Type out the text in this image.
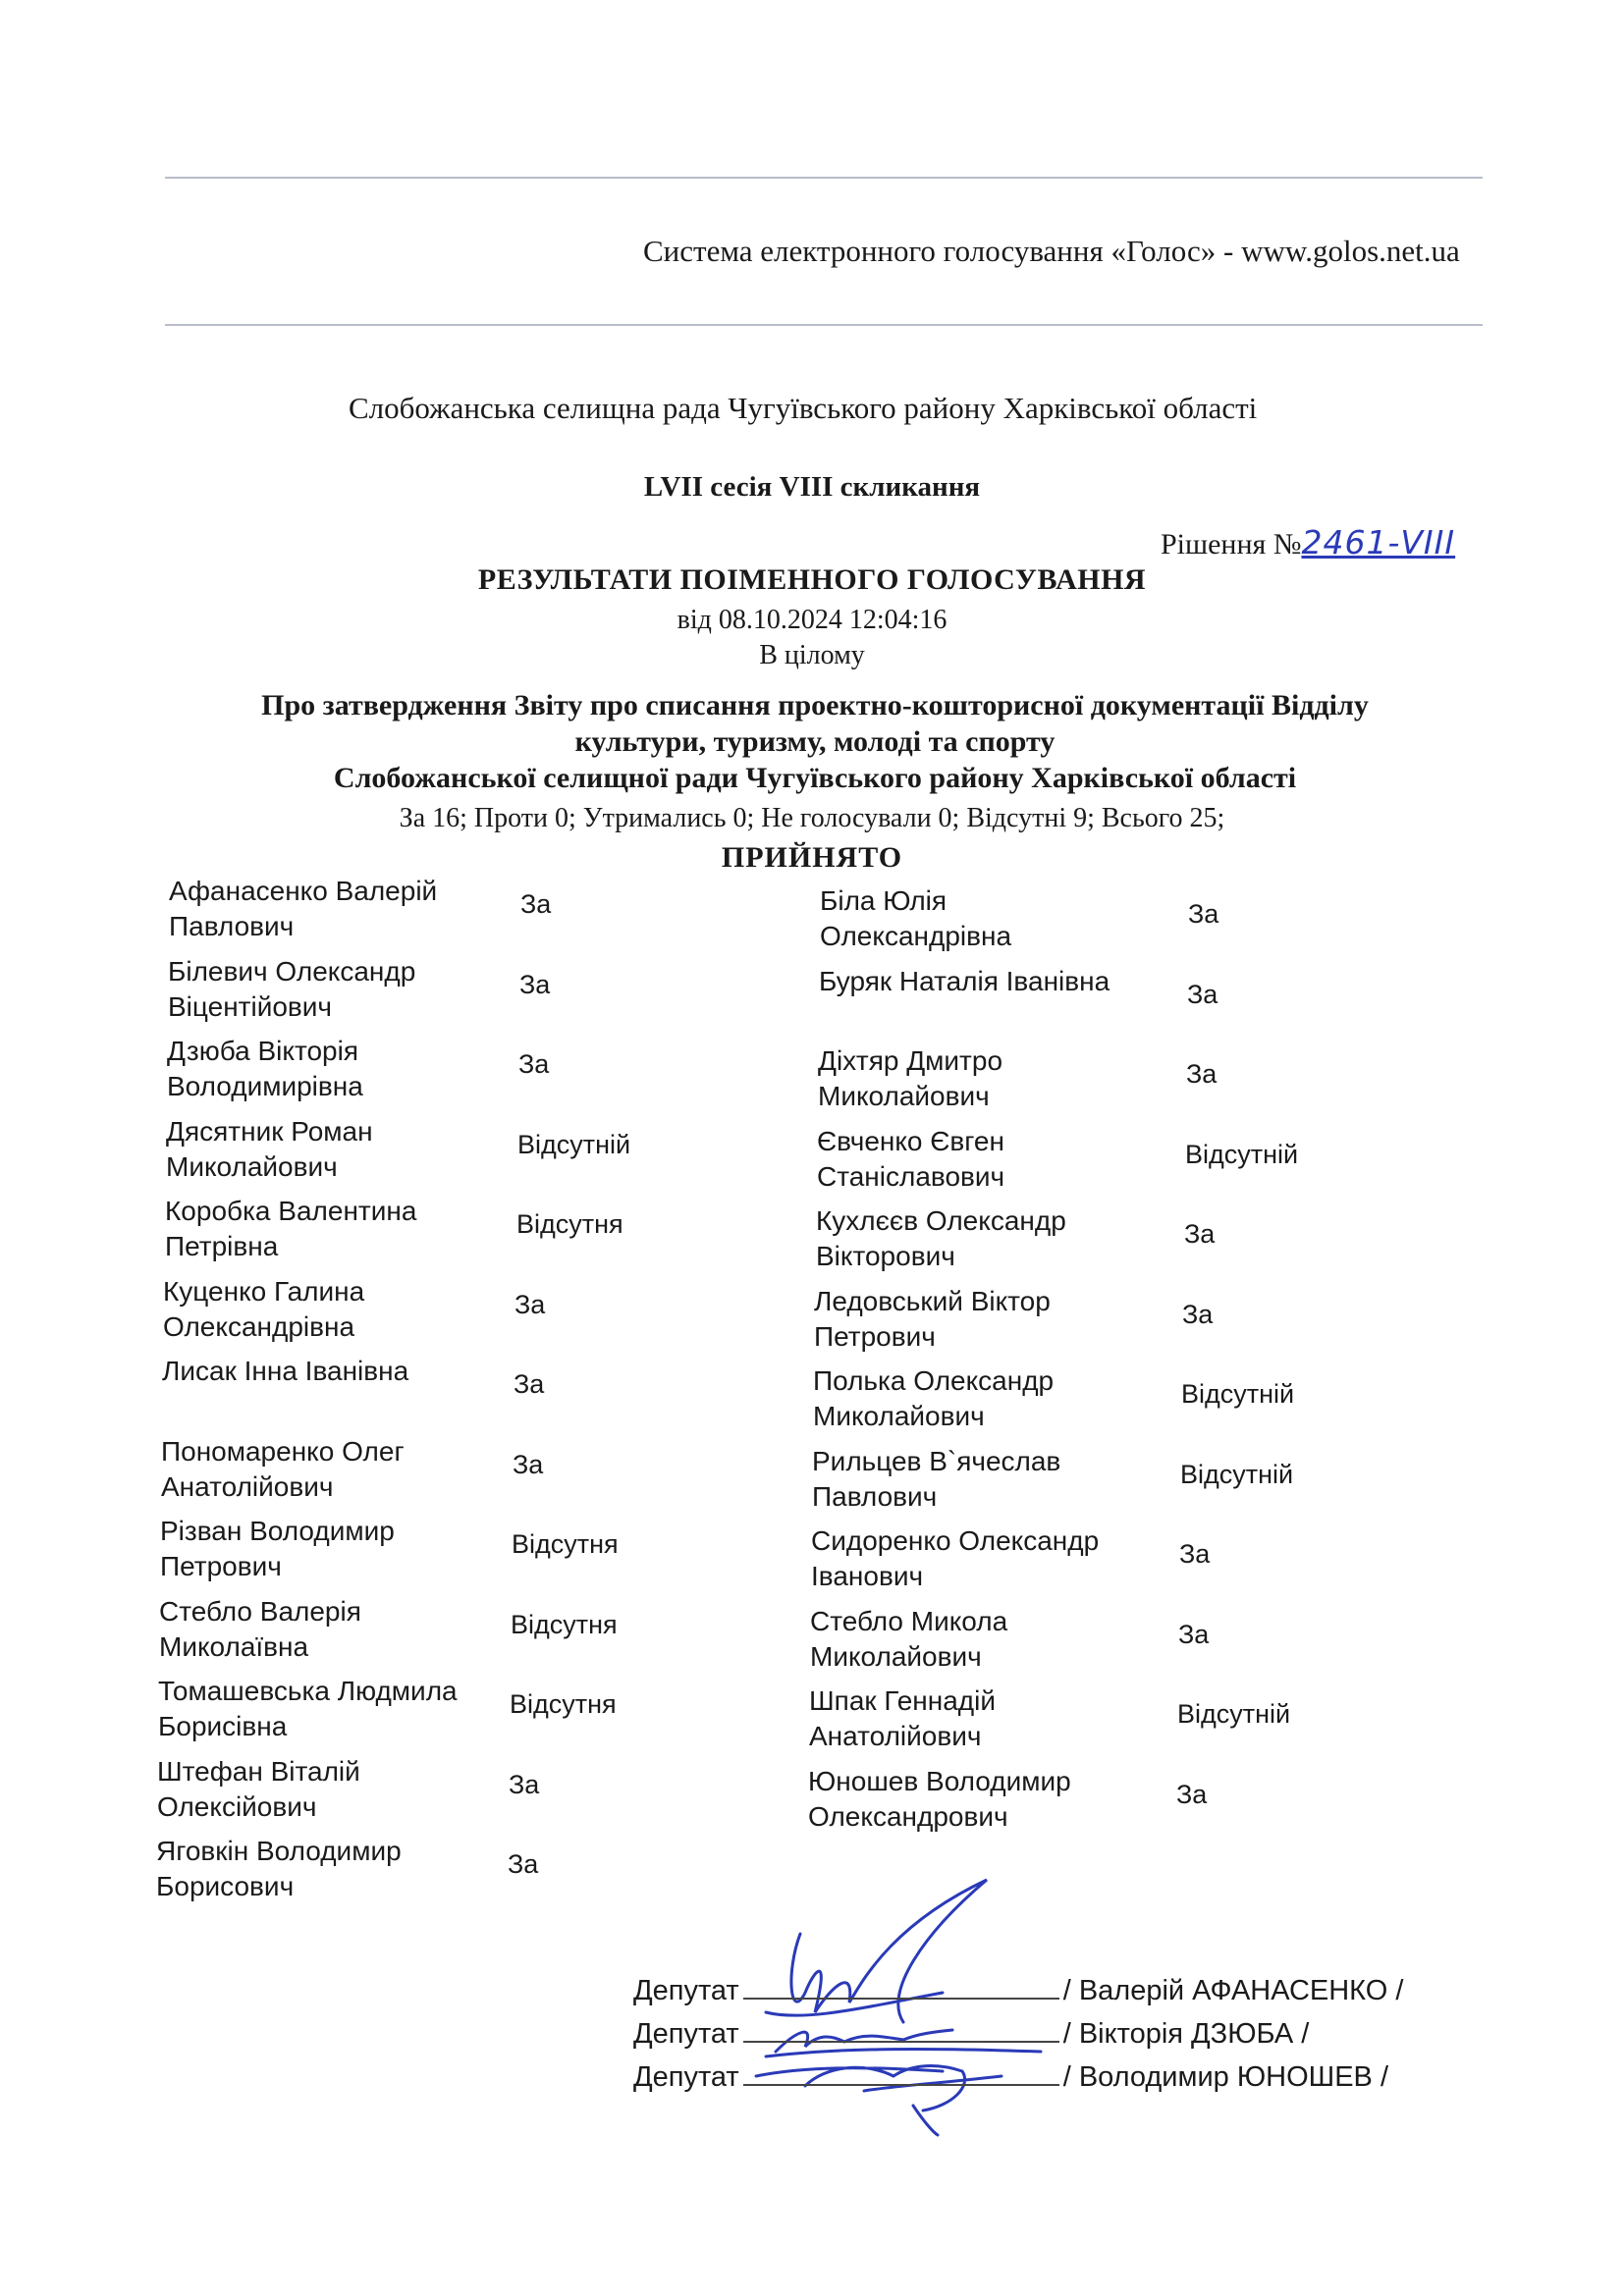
Система електронного голосування «Голос» - www.golos.net.ua
Слобожанська селищна рада Чугуївського району Харківської області
LVII сесія VIII скликання
Рішення №2461-VIII
РЕЗУЛЬТАТИ ПОІМЕННОГО ГОЛОСУВАННЯ
від 08.10.2024 12:04:16
В цілому
Про затвердження Звіту про списання проектно-кошторисної документації Відділу
культури, туризму, молоді та спорту
Слобожанської селищної ради Чугуївського району Харківської області
За 16; Проти 0; Утримались 0; Не голосували 0; Відсутні 9; Всього 25;
ПРИЙНЯТО
Афанасенко Валерій Павлович
За
Білевич Олександр Віцентійович
За
Дзюба Вікторія Володимирівна
За
Дясятник Роман Миколайович
Відсутній
Коробка Валентина Петрівна
Відсутня
Куценко Галина Олександрівна
За
Лисак Інна Іванівна	За
Пономаренко Олег Анатолійович
За
Різван Володимир Петрович
Відсутня
Стебло Валерія Миколаївна
Відсутня
Томашевська Людмила Борисівна
Відсутня
Штефан Віталій Олексійович
За
Яговкін Володимир Борисович
За
Біла Юлія Олександрівна
За
Буряк Наталія Іванівна	За
Діхтяр Дмитро Миколайович
За
Євченко Євген Станіславович
Відсутній
Кухлєєв Олександр Вікторович
За
Ледовський Віктор Петрович
За
Полька Олександр Миколайович
Відсутній
Рильцев В`ячеслав Павлович
Відсутній
Сидоренко Олександр Іванович
За
Стебло Микола Миколайович
За
Шпак Геннадій Анатолійович
Відсутній
Юношев Володимир Олександрович
За
Депутат	/ Валерій АФАНАСЕНКО /
Депутат	/ Вікторія ДЗЮБА /
Депутат	/ Володимир ЮНОШЕВ /
